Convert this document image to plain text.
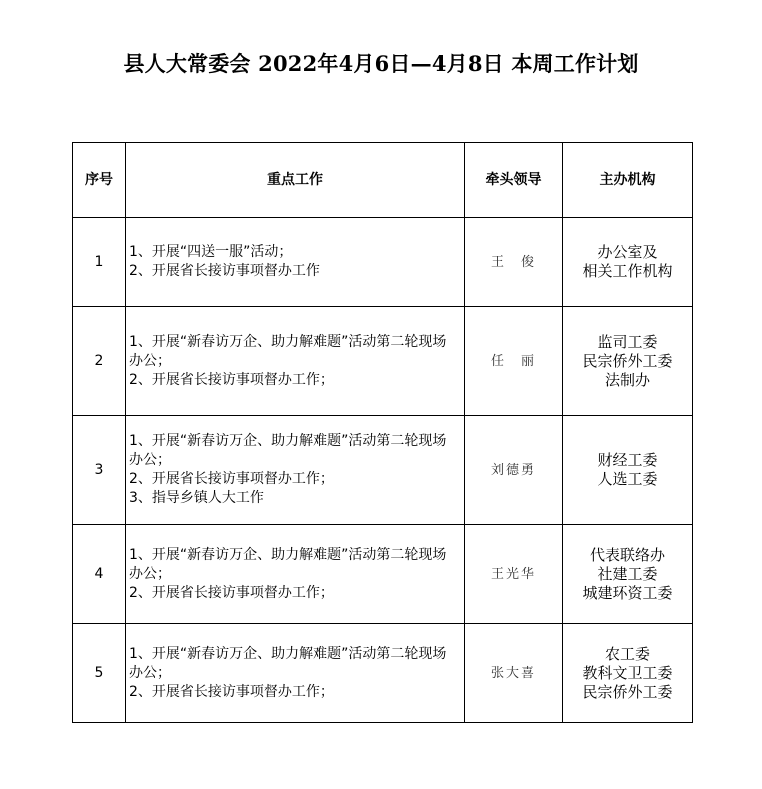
县人大常委会 2022年4月6日—4月8日 本周工作计划
序号	重点工作	牵头领导	主办机构
1	1、开展“四送一服”活动；
2、开展省长接访事项督办工作	王　俊	办公室及
相关工作机构

2	1、开展“新春访万企、助力解难题”活动第二轮现场办公；
2、开展省长接访事项督办工作；	任　丽	监司工委
民宗侨外工委
法制办

3	1、开展“新春访万企、助力解难题”活动第二轮现场办公；
2、开展省长接访事项督办工作；
3、指导乡镇人大工作	刘德勇	财经工委
人选工委

4	1、开展“新春访万企、助力解难题”活动第二轮现场办公；
2、开展省长接访事项督办工作；	王光华	代表联络办
社建工委
城建环资工委

5	1、开展“新春访万企、助力解难题”活动第二轮现场办公；
2、开展省长接访事项督办工作；	张大喜	农工委
教科文卫工委
民宗侨外工委
